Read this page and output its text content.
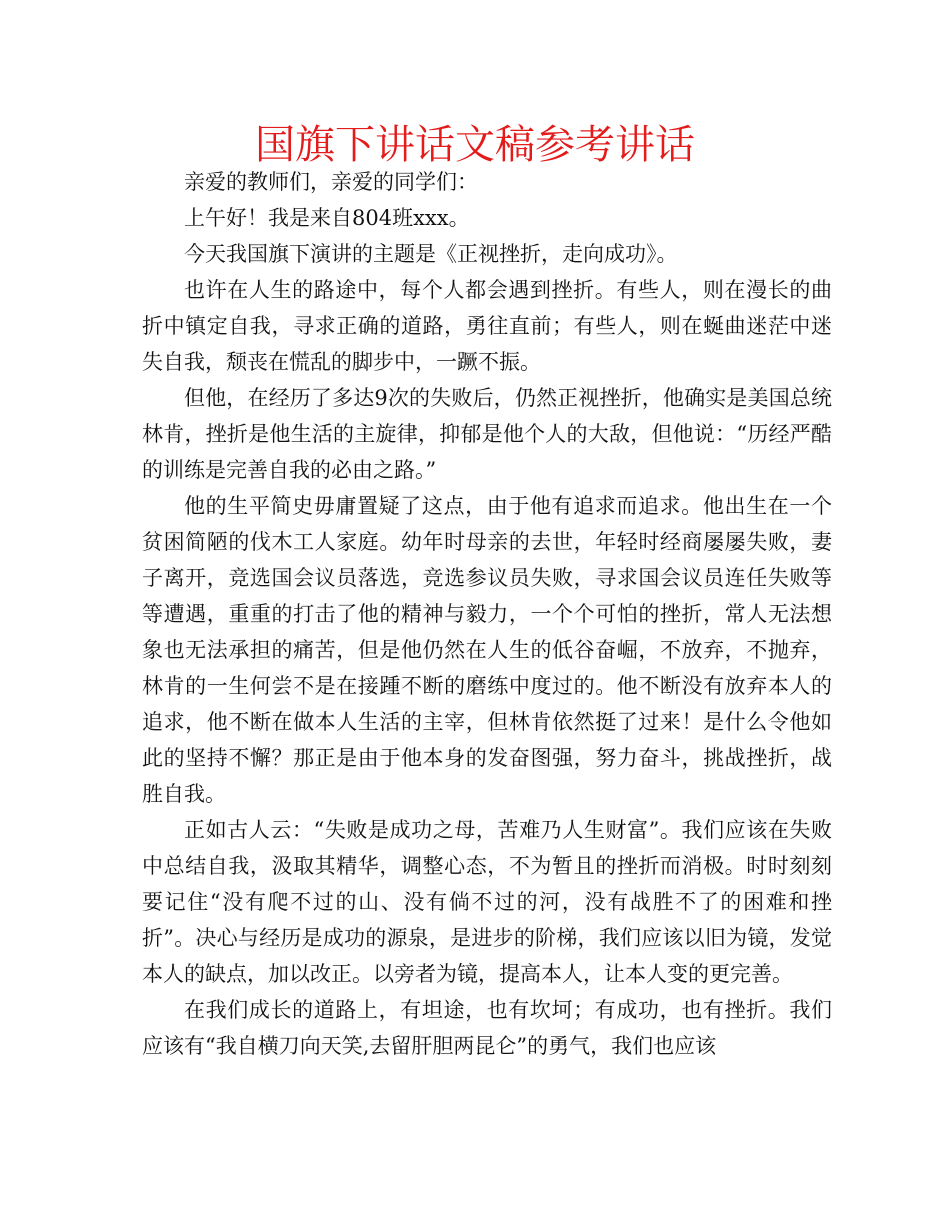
国旗下讲话文稿参考讲话

亲爱的教师们，亲爱的同学们：

上午好！我是来自804班xxx。

今天我国旗下演讲的主题是《正视挫折，走向成功》。

也许在人生的路途中，每个人都会遇到挫折。有些人，则在漫长的曲折中镇定自我，寻求正确的道路，勇往直前；有些人，则在蜒曲迷茫中迷失自我，颓丧在慌乱的脚步中，一蹶不振。

但他，在经历了多达9次的失败后，仍然正视挫折，他确实是美国总统林肯，挫折是他生活的主旋律，抑郁是他个人的大敌，但他说：“历经严酷的训练是完善自我的必由之路。”

他的生平简史毋庸置疑了这点，由于他有追求而追求。他出生在一个贫困简陋的伐木工人家庭。幼年时母亲的去世，年轻时经商屡屡失败，妻子离开，竞选国会议员落选，竞选参议员失败，寻求国会议员连任失败等等遭遇，重重的打击了他的精神与毅力，一个个可怕的挫折，常人无法想象也无法承担的痛苦，但是他仍然在人生的低谷奋崛，不放弃，不抛弃，林肯的一生何尝不是在接踵不断的磨练中度过的。他不断没有放弃本人的追求，他不断在做本人生活的主宰，但林肯依然挺了过来！是什么令他如此的坚持不懈？那正是由于他本身的发奋图强，努力奋斗，挑战挫折，战胜自我。

正如古人云：“失败是成功之母，苦难乃人生财富”。我们应该在失败中总结自我，汲取其精华，调整心态，不为暂且的挫折而消极。时时刻刻要记住“没有爬不过的山、没有倘不过的河，没有战胜不了的困难和挫折”。决心与经历是成功的源泉，是进步的阶梯，我们应该以旧为镜，发觉本人的缺点，加以改正。以旁者为镜，提高本人，让本人变的更完善。

在我们成长的道路上，有坦途，也有坎坷；有成功，也有挫折。我们应该有“我自横刀向天笑,去留肝胆两昆仑”的勇气，我们也应该
